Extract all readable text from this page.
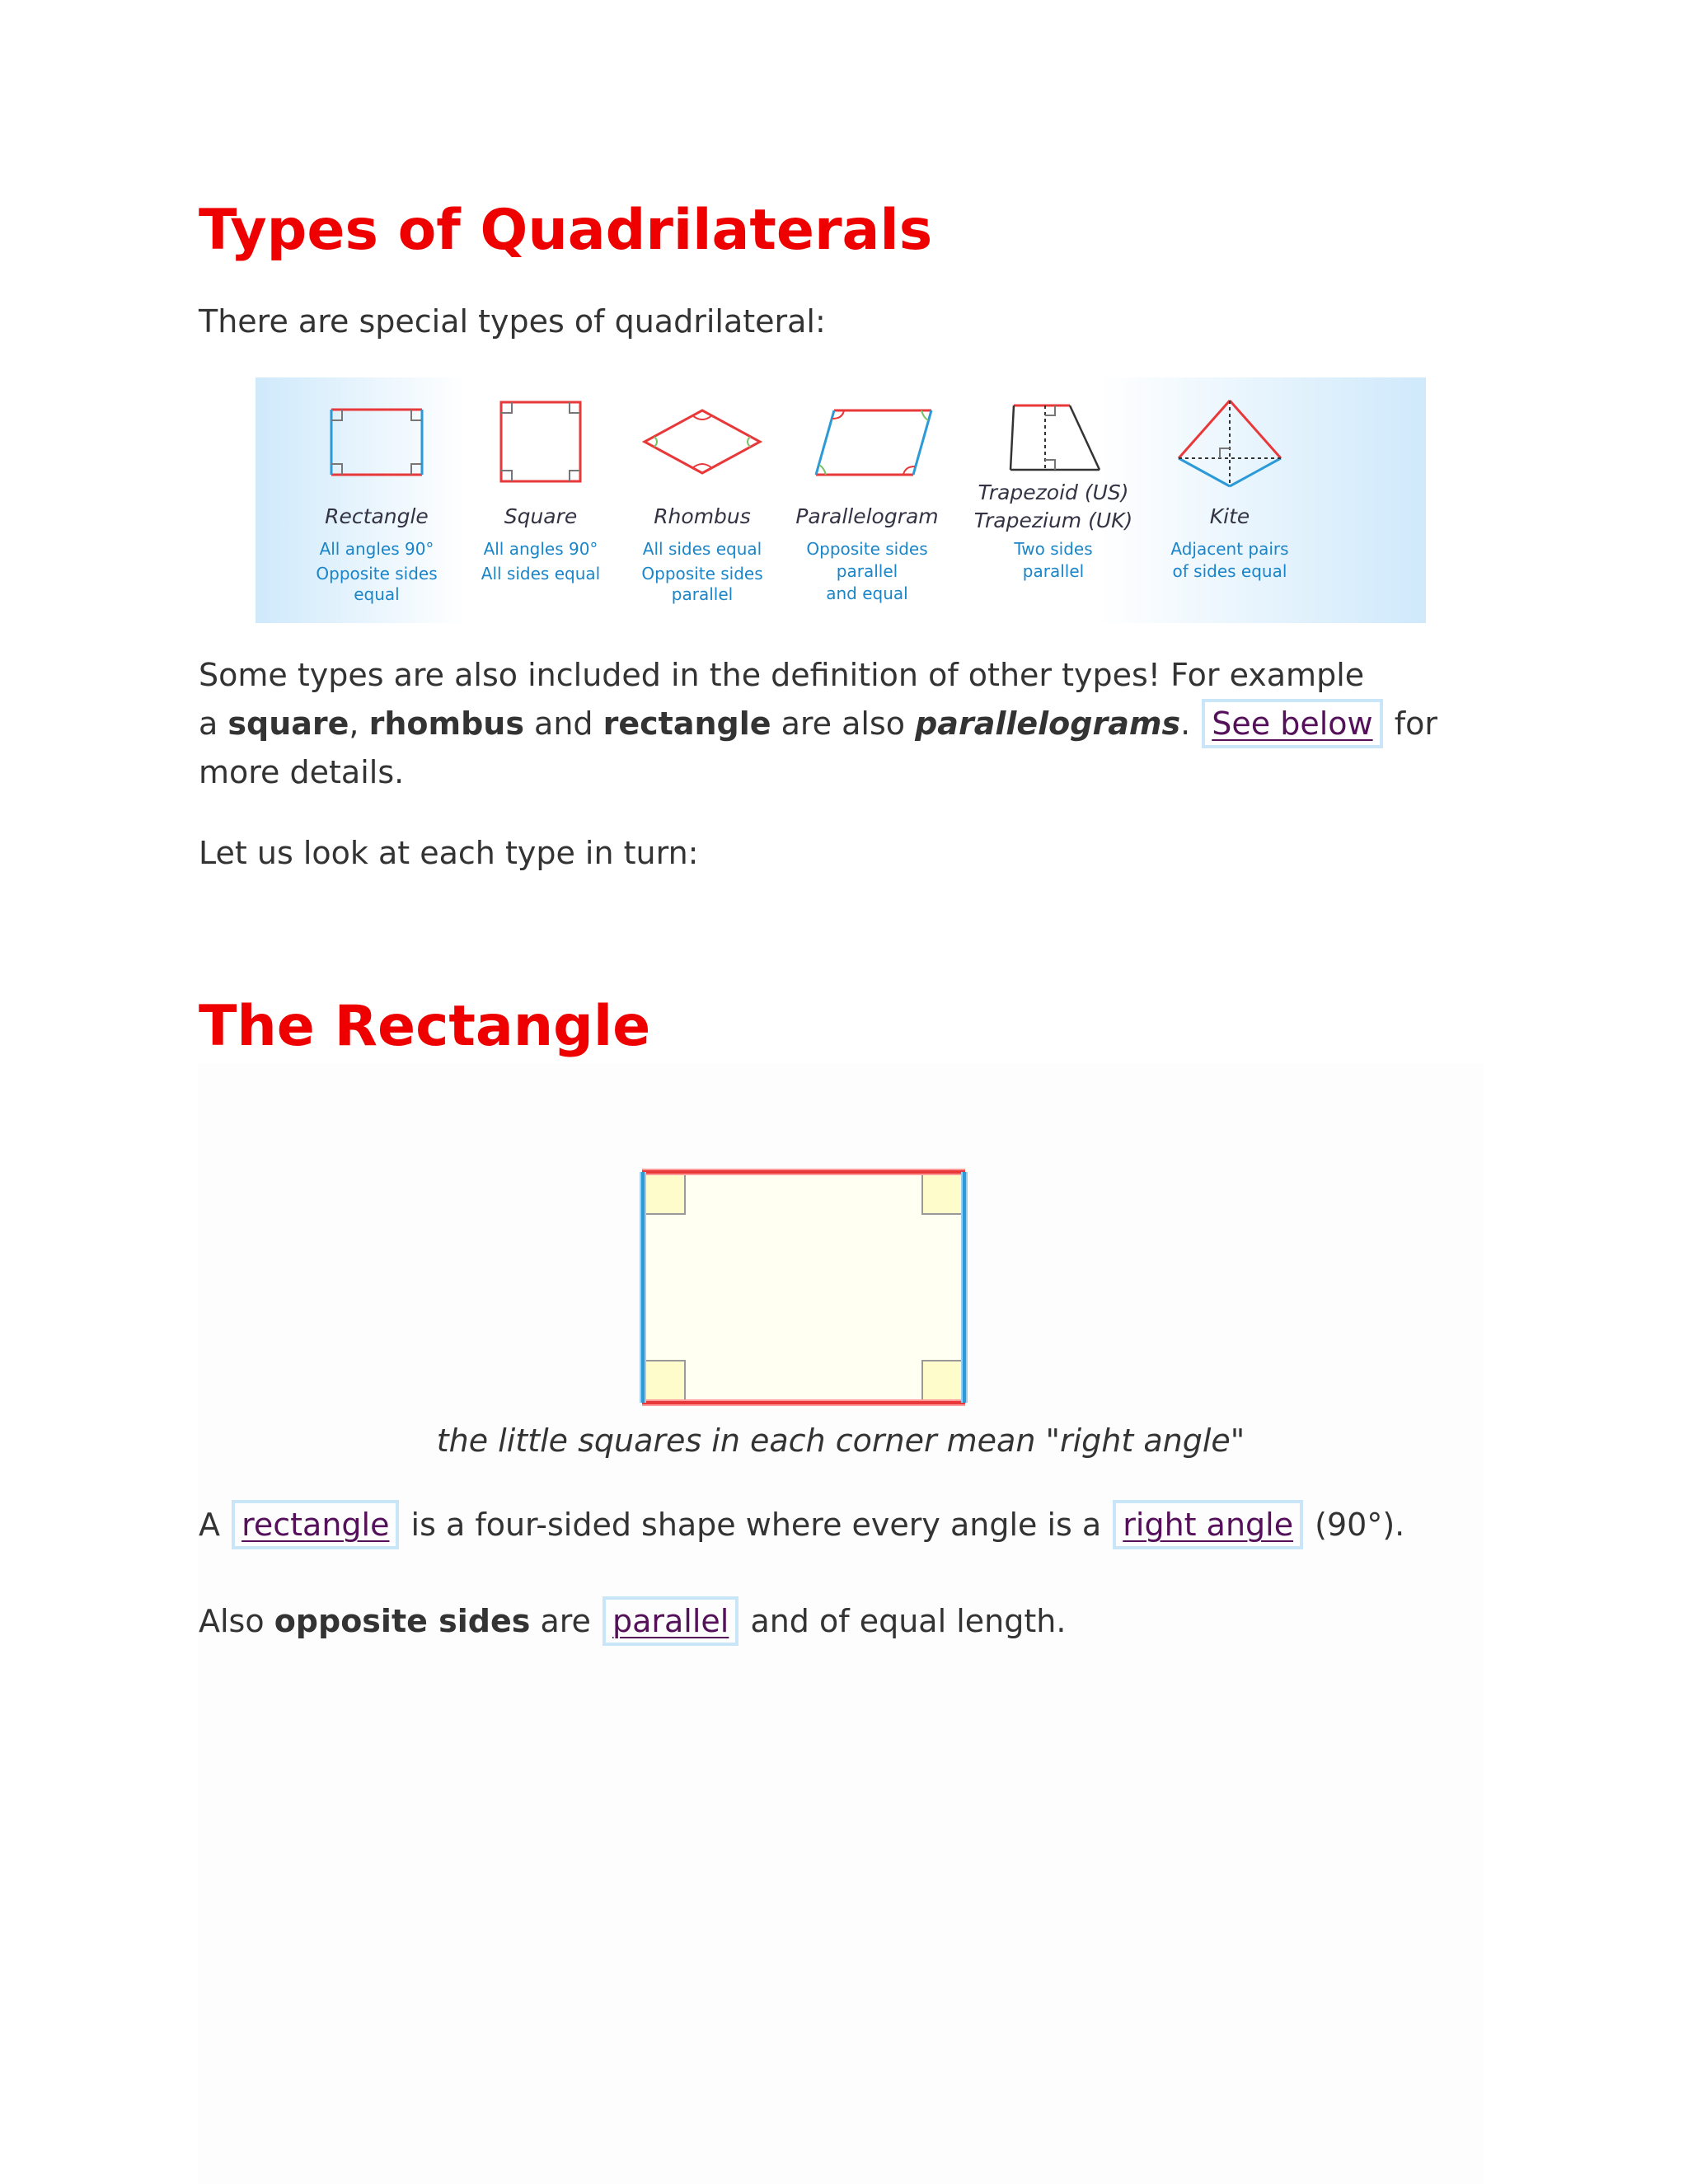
Types of Quadrilaterals

There are special types of quadrilateral:

Rectangle
All angles 90°
Opposite sides
equal
Square
All angles 90°
All sides equal
Rhombus
All sides equal
Opposite sides
parallel
Parallelogram
Opposite sides
parallel
and equal
Trapezoid (US)
Trapezium (UK)
Two sides
parallel
Kite
Adjacent pairs
of sides equal

Some types are also included in the definition of other types! For example
a square, rhombus and rectangle are also parallelograms. See below for
more details.

Let us look at each type in turn:

The Rectangle

the little squares in each corner mean "right angle"

A rectangle is a four-sided shape where every angle is a right angle (90°).

Also opposite sides are parallel and of equal length.
